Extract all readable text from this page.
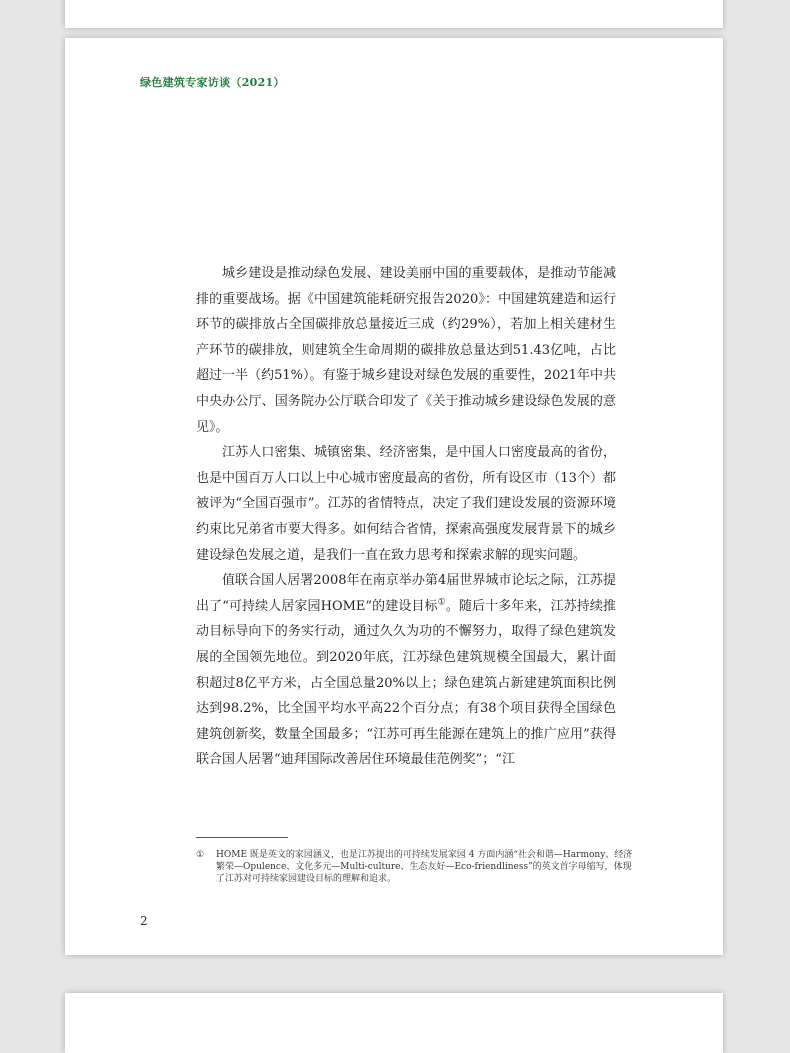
绿色建筑专家访谈（2021）

城乡建设是推动绿色发展、建设美丽中国的重要载体，是推动节能减排的重要战场。据《中国建筑能耗研究报告2020》：中国建筑建造和运行环节的碳排放占全国碳排放总量接近三成（约29%），若加上相关建材生产环节的碳排放，则建筑全生命周期的碳排放总量达到51.43亿吨，占比超过一半（约51%）。有鉴于城乡建设对绿色发展的重要性，2021年中共中央办公厅、国务院办公厅联合印发了《关于推动城乡建设绿色发展的意见》。

江苏人口密集、城镇密集、经济密集，是中国人口密度最高的省份，也是中国百万人口以上中心城市密度最高的省份，所有设区市（13个）都被评为“全国百强市”。江苏的省情特点，决定了我们建设发展的资源环境约束比兄弟省市要大得多。如何结合省情，探索高强度发展背景下的城乡建设绿色发展之道，是我们一直在致力思考和探索求解的现实问题。

值联合国人居署2008年在南京举办第4届世界城市论坛之际，江苏提出了“可持续人居家园HOME”的建设目标①。随后十多年来，江苏持续推动目标导向下的务实行动，通过久久为功的不懈努力，取得了绿色建筑发展的全国领先地位。到2020年底，江苏绿色建筑规模全国最大，累计面积超过8亿平方米，占全国总量20%以上；绿色建筑占新建建筑面积比例达到98.2%，比全国平均水平高22个百分点；有38个项目获得全国绿色建筑创新奖，数量全国最多；“江苏可再生能源在建筑上的推广应用”获得联合国人居署“迪拜国际改善居住环境最佳范例奖”；“江

① HOME 既是英文的家园涵义，也是江苏提出的可持续发展家园 4 方面内涵“社会和谐—Harmony、经济繁荣—Opulence、文化多元—Multi-culture、生态友好—Eco-friendliness”的英文首字母缩写，体现了江苏对可持续家园建设目标的理解和追求。
2
